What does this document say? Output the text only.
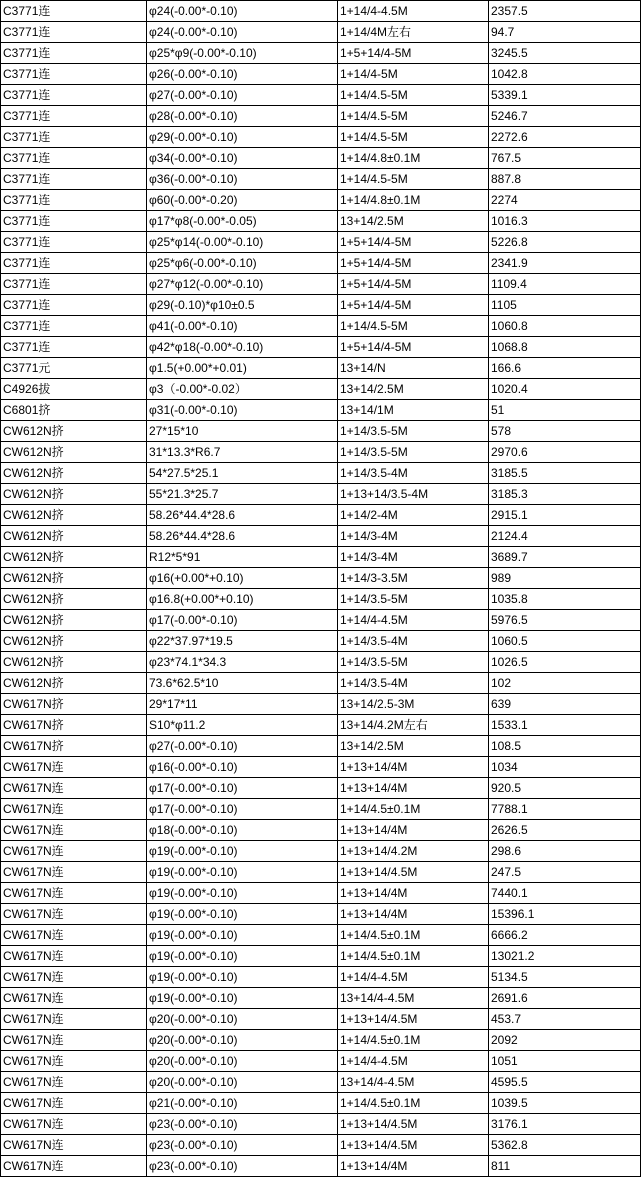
C3771连	φ24(-0.00*-0.10)	1+14/4-4.5M	2357.5
C3771连	φ24(-0.00*-0.10)	1+14/4M左右	94.7
C3771连	φ25*φ9(-0.00*-0.10)	1+5+14/4-5M	3245.5
C3771连	φ26(-0.00*-0.10)	1+14/4-5M	1042.8
C3771连	φ27(-0.00*-0.10)	1+14/4.5-5M	5339.1
C3771连	φ28(-0.00*-0.10)	1+14/4.5-5M	5246.7
C3771连	φ29(-0.00*-0.10)	1+14/4.5-5M	2272.6
C3771连	φ34(-0.00*-0.10)	1+14/4.8±0.1M	767.5
C3771连	φ36(-0.00*-0.10)	1+14/4.5-5M	887.8
C3771连	φ60(-0.00*-0.20)	1+14/4.8±0.1M	2274
C3771连	φ17*φ8(-0.00*-0.05)	13+14/2.5M	1016.3
C3771连	φ25*φ14(-0.00*-0.10)	1+5+14/4-5M	5226.8
C3771连	φ25*φ6(-0.00*-0.10)	1+5+14/4-5M	2341.9
C3771连	φ27*φ12(-0.00*-0.10)	1+5+14/4-5M	1109.4
C3771连	φ29(-0.10)*φ10±0.5	1+5+14/4-5M	1105
C3771连	φ41(-0.00*-0.10)	1+14/4.5-5M	1060.8
C3771连	φ42*φ18(-0.00*-0.10)	1+5+14/4-5M	1068.8
C3771元	φ1.5(+0.00*+0.01)	13+14/N	166.6
C4926拔	φ3（-0.00*-0.02）	13+14/2.5M	1020.4
C6801挤	φ31(-0.00*-0.10)	13+14/1M	51
CW612N挤	27*15*10	1+14/3.5-5M	578
CW612N挤	31*13.3*R6.7	1+14/3.5-5M	2970.6
CW612N挤	54*27.5*25.1	1+14/3.5-4M	3185.5
CW612N挤	55*21.3*25.7	1+13+14/3.5-4M	3185.3
CW612N挤	58.26*44.4*28.6	1+14/2-4M	2915.1
CW612N挤	58.26*44.4*28.6	1+14/3-4M	2124.4
CW612N挤	R12*5*91	1+14/3-4M	3689.7
CW612N挤	φ16(+0.00*+0.10)	1+14/3-3.5M	989
CW612N挤	φ16.8(+0.00*+0.10)	1+14/3.5-5M	1035.8
CW612N挤	φ17(-0.00*-0.10)	1+14/4-4.5M	5976.5
CW612N挤	φ22*37.97*19.5	1+14/3.5-4M	1060.5
CW612N挤	φ23*74.1*34.3	1+14/3.5-5M	1026.5
CW612N挤	73.6*62.5*10	1+14/3.5-4M	102
CW617N挤	29*17*11	13+14/2.5-3M	639
CW617N挤	S10*φ11.2	13+14/4.2M左右	1533.1
CW617N挤	φ27(-0.00*-0.10)	13+14/2.5M	108.5
CW617N连	φ16(-0.00*-0.10)	1+13+14/4M	1034
CW617N连	φ17(-0.00*-0.10)	1+13+14/4M	920.5
CW617N连	φ17(-0.00*-0.10)	1+14/4.5±0.1M	7788.1
CW617N连	φ18(-0.00*-0.10)	1+13+14/4M	2626.5
CW617N连	φ19(-0.00*-0.10)	1+13+14/4.2M	298.6
CW617N连	φ19(-0.00*-0.10)	1+13+14/4.5M	247.5
CW617N连	φ19(-0.00*-0.10)	1+13+14/4M	7440.1
CW617N连	φ19(-0.00*-0.10)	1+13+14/4M	15396.1
CW617N连	φ19(-0.00*-0.10)	1+14/4.5±0.1M	6666.2
CW617N连	φ19(-0.00*-0.10)	1+14/4.5±0.1M	13021.2
CW617N连	φ19(-0.00*-0.10)	1+14/4-4.5M	5134.5
CW617N连	φ19(-0.00*-0.10)	13+14/4-4.5M	2691.6
CW617N连	φ20(-0.00*-0.10)	1+13+14/4.5M	453.7
CW617N连	φ20(-0.00*-0.10)	1+14/4.5±0.1M	2092
CW617N连	φ20(-0.00*-0.10)	1+14/4-4.5M	1051
CW617N连	φ20(-0.00*-0.10)	13+14/4-4.5M	4595.5
CW617N连	φ21(-0.00*-0.10)	1+14/4.5±0.1M	1039.5
CW617N连	φ23(-0.00*-0.10)	1+13+14/4.5M	3176.1
CW617N连	φ23(-0.00*-0.10)	1+13+14/4.5M	5362.8
CW617N连	φ23(-0.00*-0.10)	1+13+14/4M	811
